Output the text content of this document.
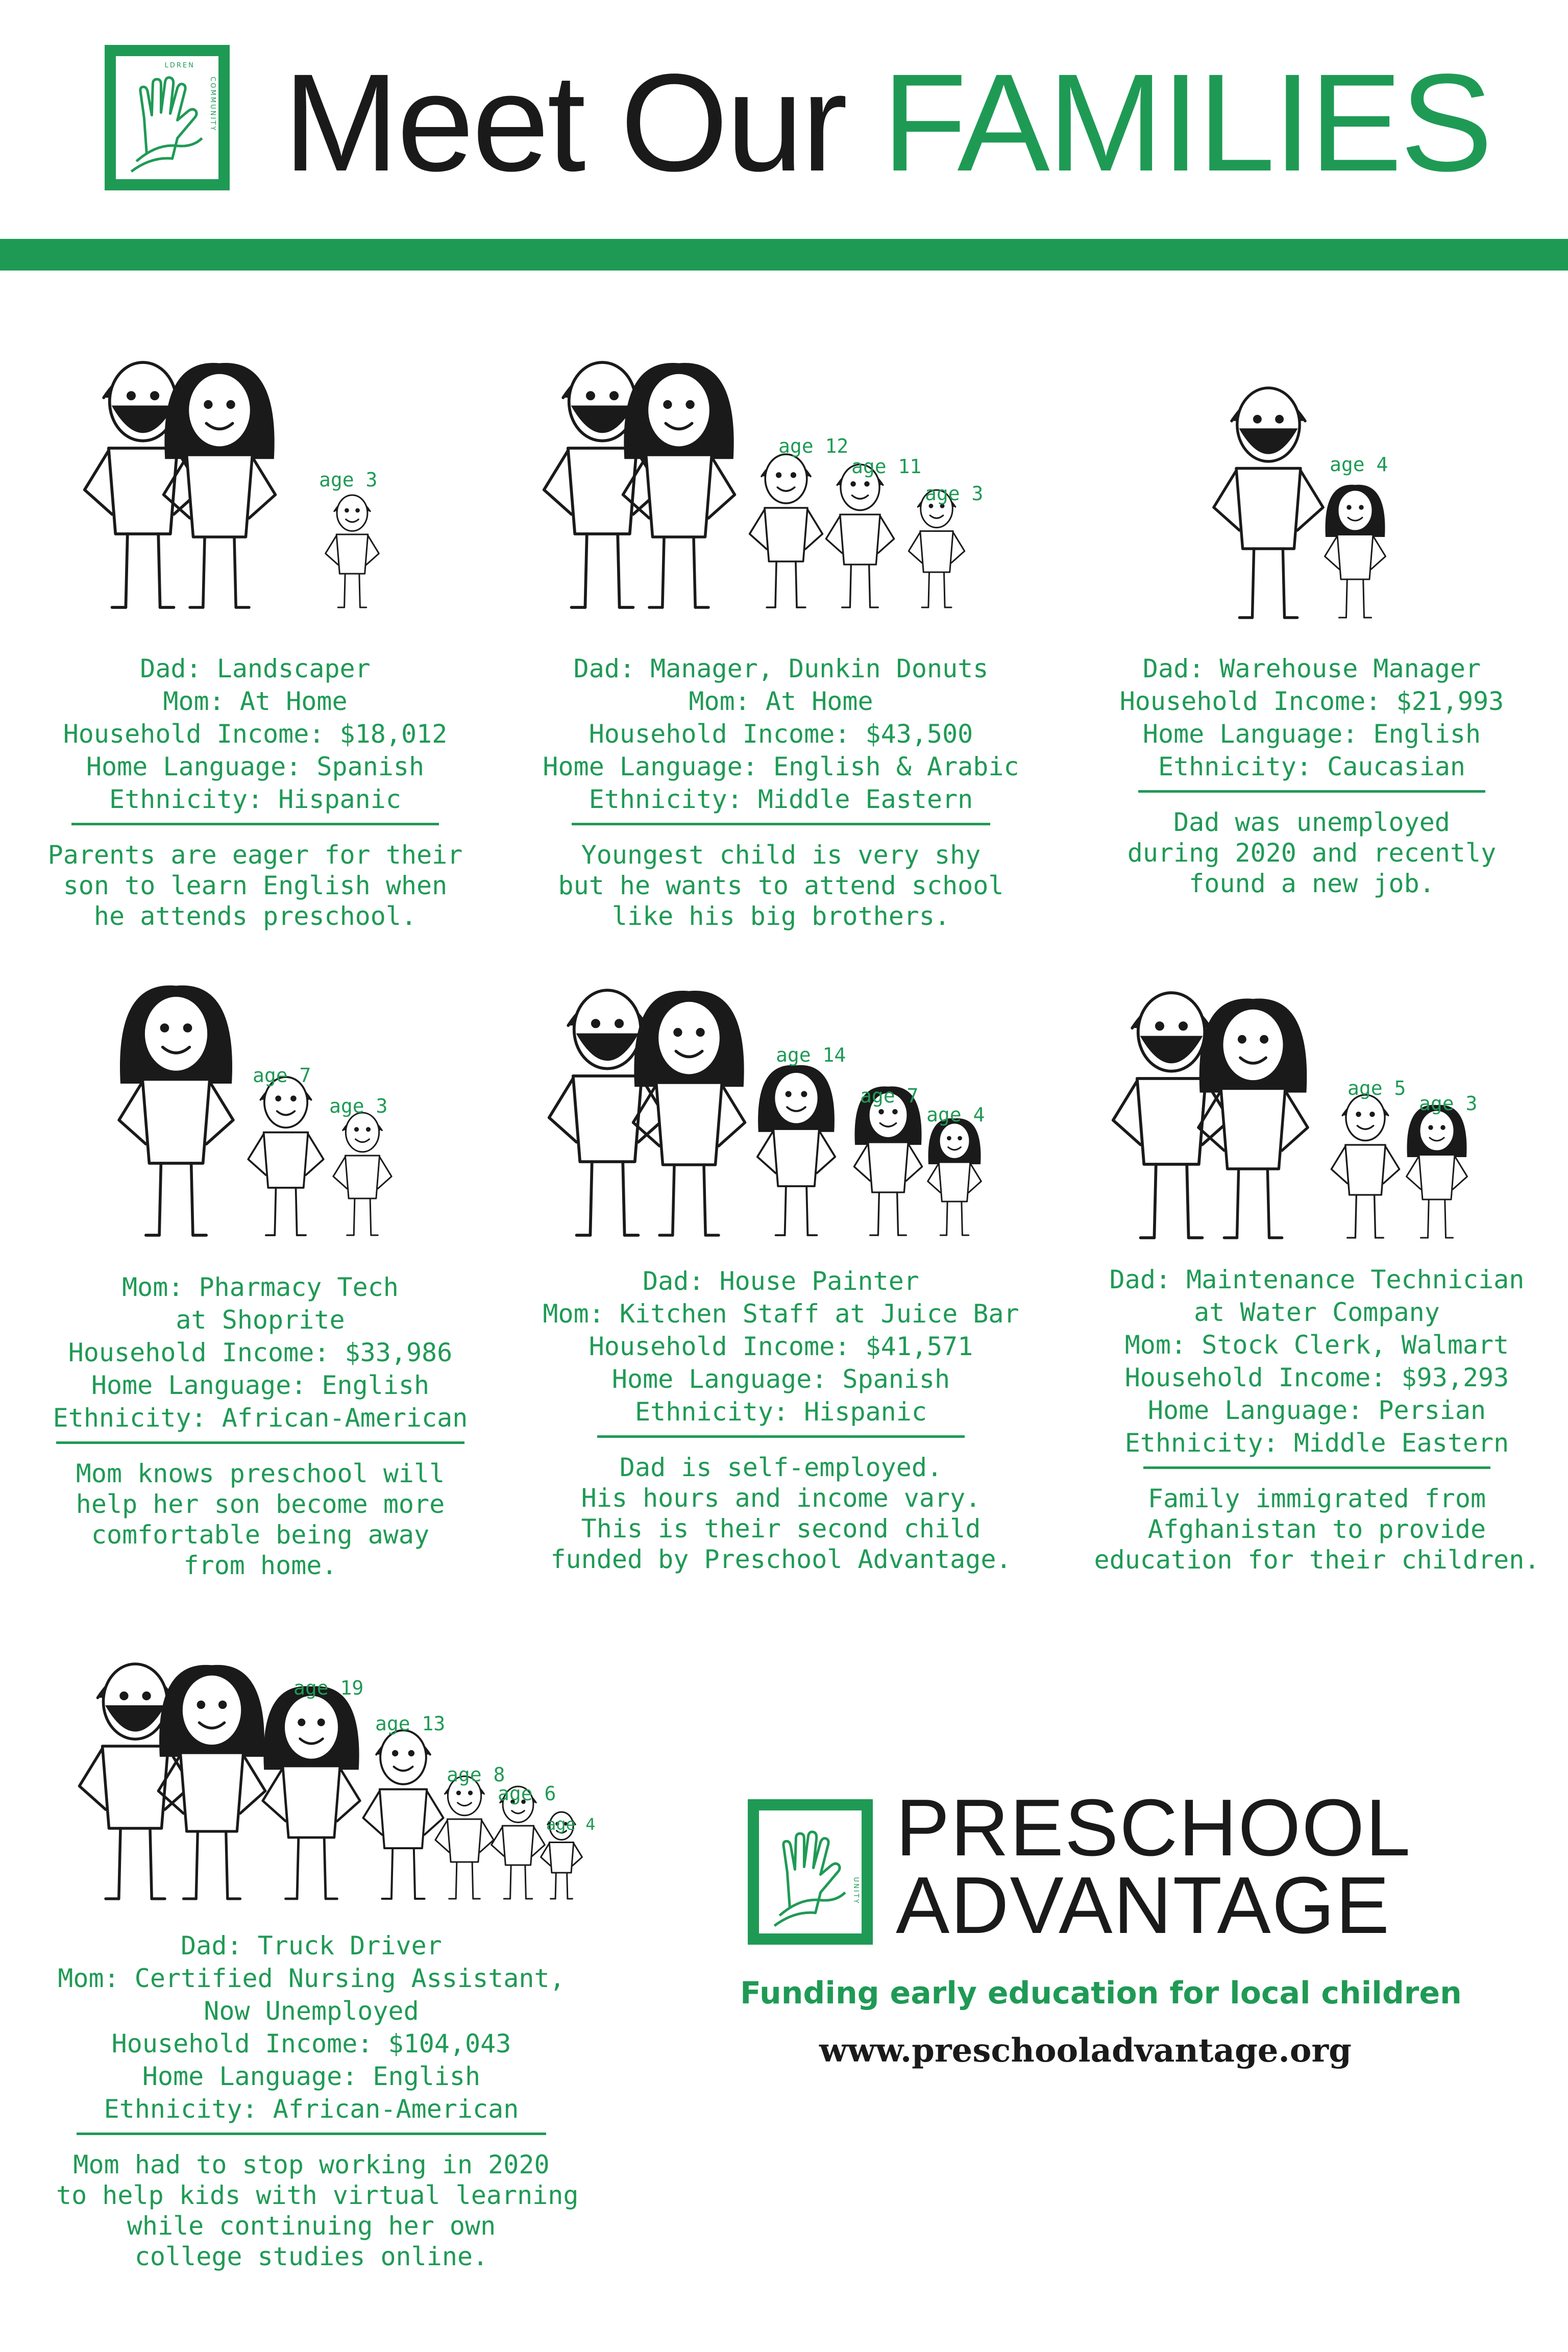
LDREN
COMMUNITY Meet Our FAMILIES
age 3
Dad: Landscaper
Mom: At Home
Household Income: $18,012
Home Language: Spanish
Ethnicity: Hispanic
Parents are eager for their
son to learn English when
he attends preschool.
age 12
age 11
age 3
Dad: Manager, Dunkin Donuts
Mom: At Home
Household Income: $43,500
Home Language: English & Arabic
Ethnicity: Middle Eastern
Youngest child is very shy
but he wants to attend school
like his big brothers.
age 4
Dad: Warehouse Manager
Household Income: $21,993
Home Language: English
Ethnicity: Caucasian
Dad was unemployed
during 2020 and recently
found a new job.
age 7
age 3
Mom: Pharmacy Tech
at Shoprite
Household Income: $33,986
Home Language: English
Ethnicity: African-American
Mom knows preschool will
help her son become more
comfortable being away
from home.
age 14
age 7
age 4
Dad: House Painter
Mom: Kitchen Staff at Juice Bar
Household Income: $41,571
Home Language: Spanish
Ethnicity: Hispanic
Dad is self-employed.
His hours and income vary.
This is their second child
funded by Preschool Advantage.
age 5
age 3
Dad: Maintenance Technician
at Water Company
Mom: Stock Clerk, Walmart
Household Income: $93,293
Home Language: Persian
Ethnicity: Middle Eastern
Family immigrated from
Afghanistan to provide
education for their children.
age 19
age 13
age 8
age 6
age 4
Dad: Truck Driver
Mom: Certified Nursing Assistant,
Now Unemployed
Household Income: $104,043
Home Language: English
Ethnicity: African-American
Mom had to stop working in 2020
to help kids with virtual learning
while continuing her own
college studies online.
UNITY
PRESCHOOL
ADVANTAGE
Funding early education for local children
www.preschooladvantage.org
